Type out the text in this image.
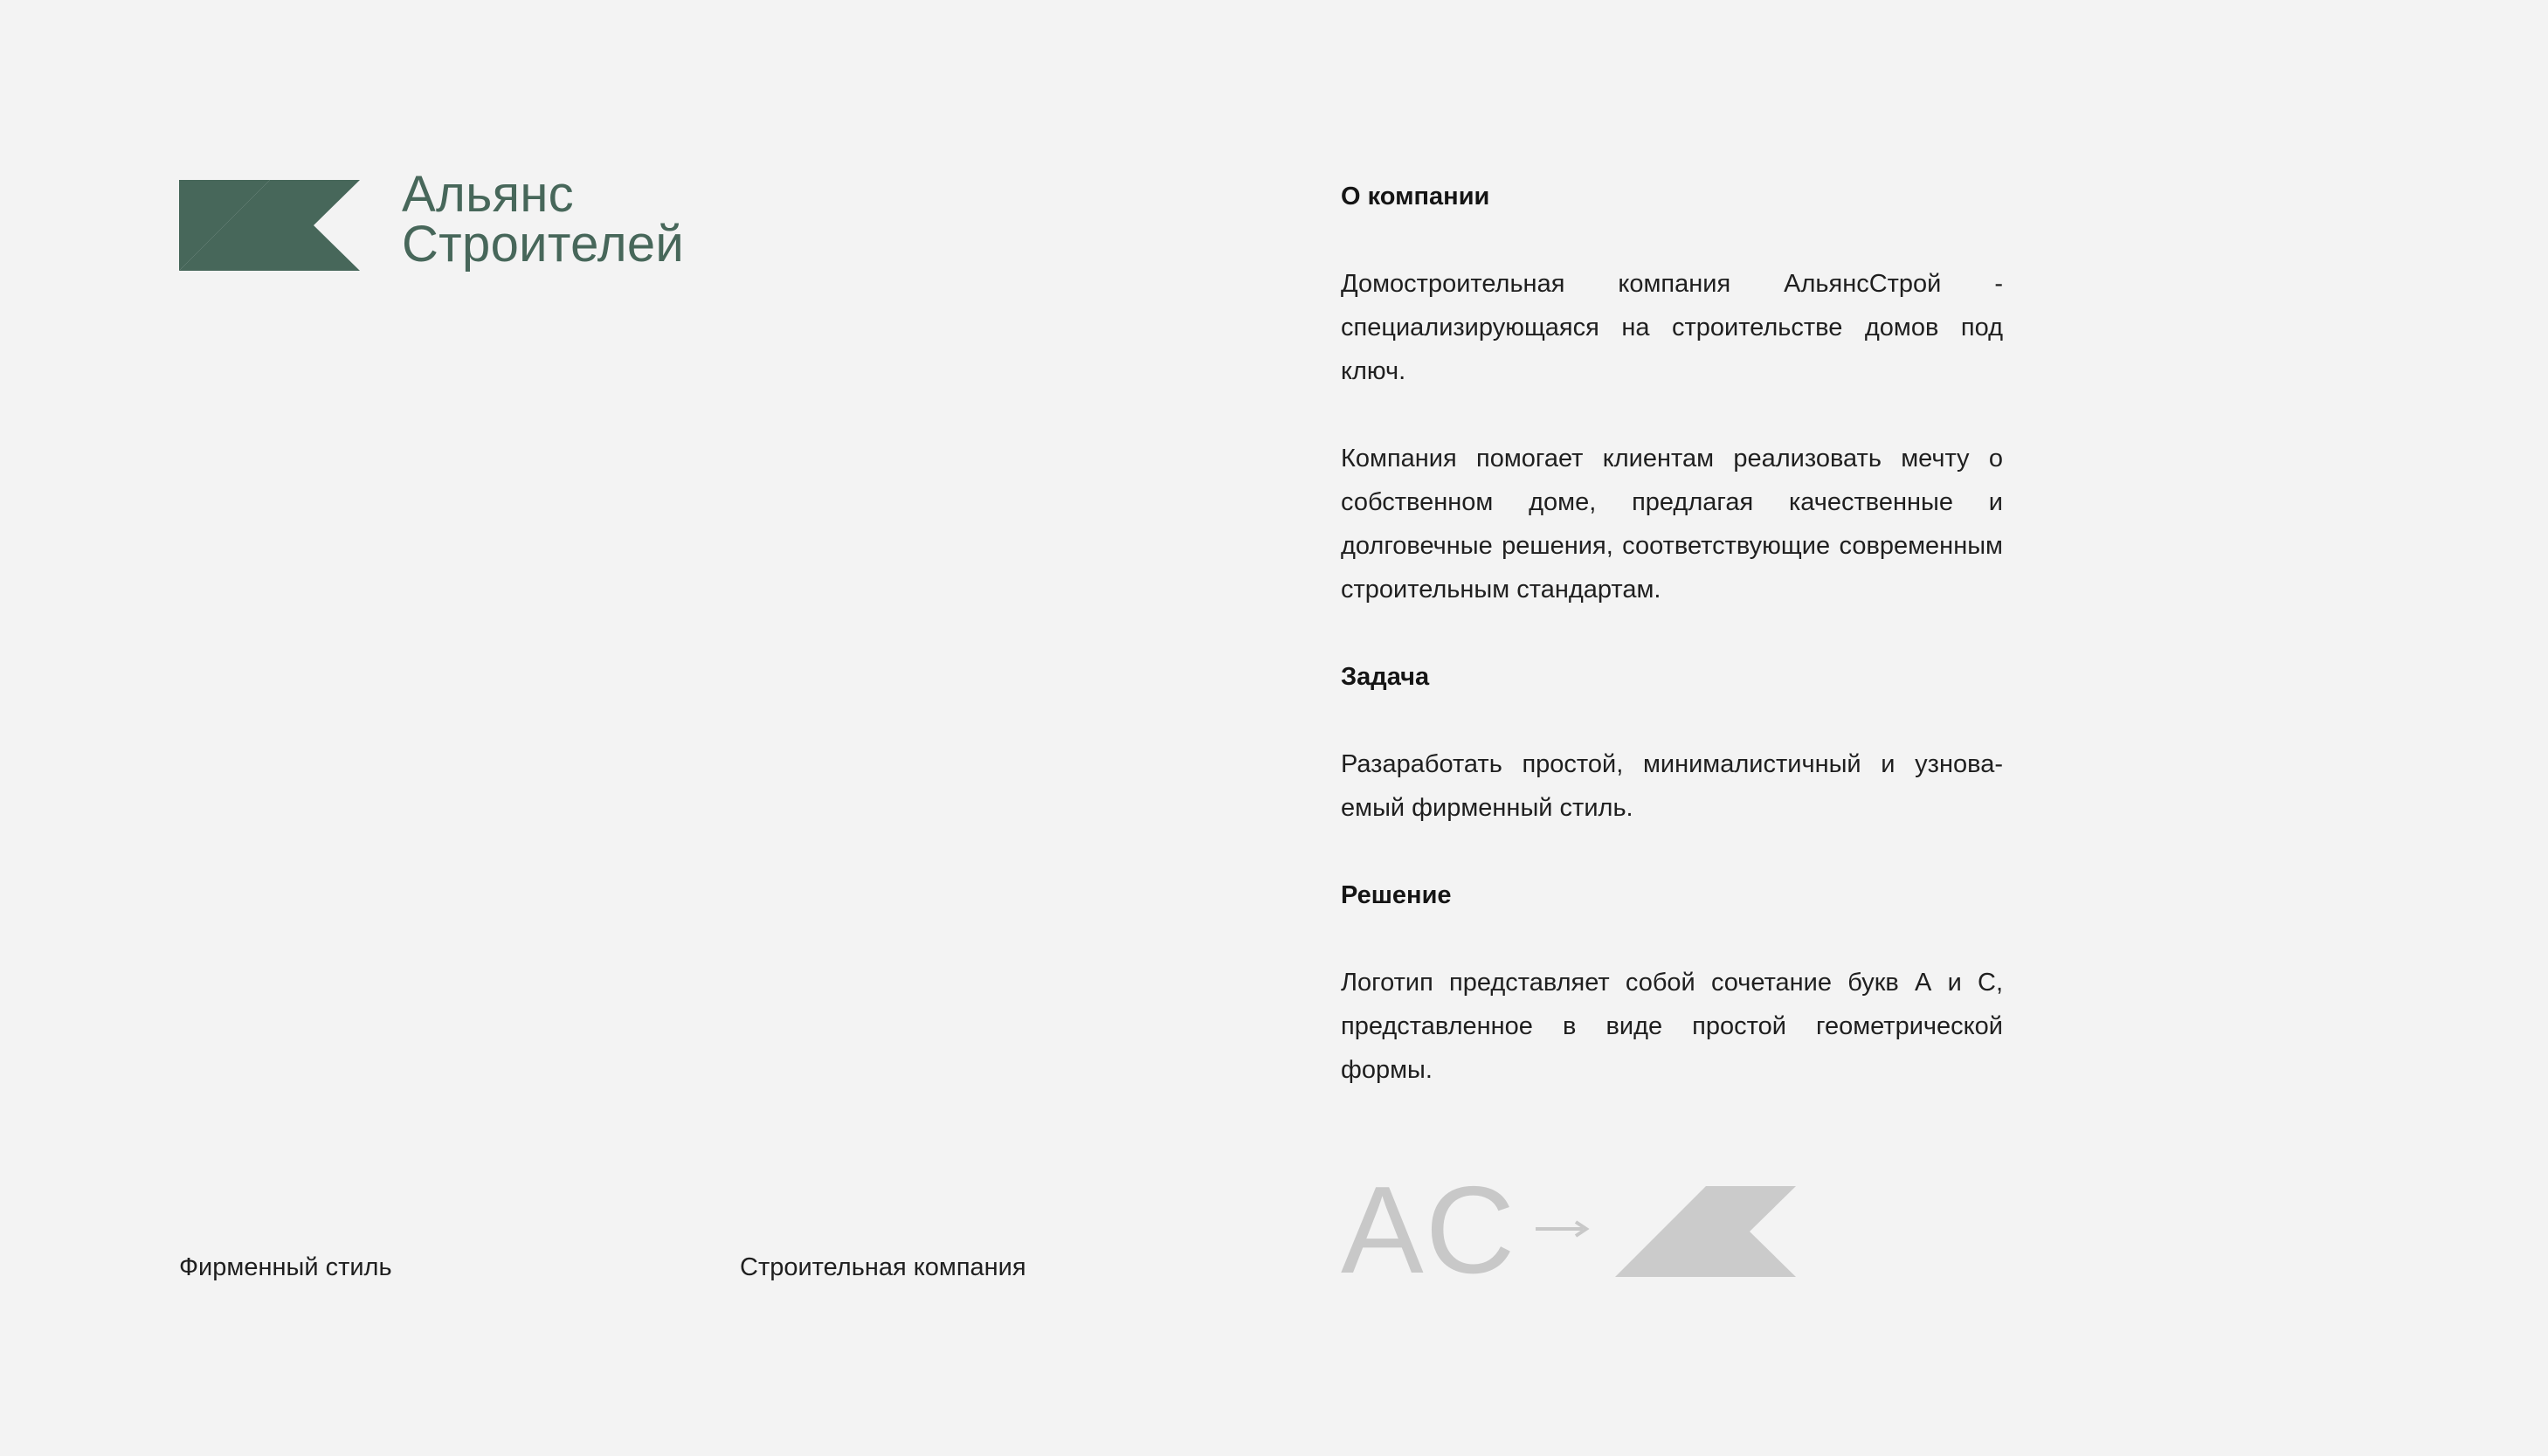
Альянс
Строителей
О компании

Домостроительная компания АльянсСтрой - специализирующаяся на строительстве домов под ключ.

Компания помогает клиентам реализовать мечту о собственном доме, предлагая качественные и долговечные решения, соответствующие современным строительным стандартам.

Задача

Разаработать простой, минималистичный и узноваемый фирменный стиль.

Решение

Логотип представляет собой сочетание букв А и С, представленное в виде простой геометрической формы.

Фирменный стиль	Строительная компания	AC
